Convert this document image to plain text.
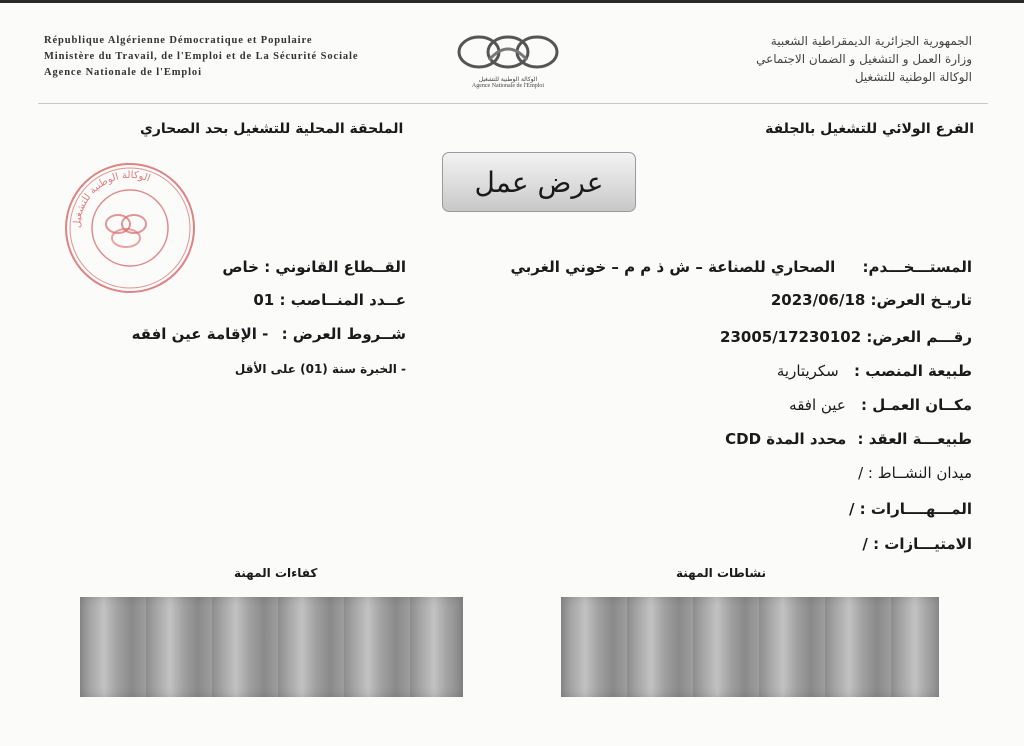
République Algérienne Démocratique et Populaire
Ministère du Travail, de l'Emploi et de La Sécurité Sociale
Agence Nationale de l'Emploi
الوكالة الوطنية للتشغيل
Agence Nationale de l'Emploi
الجمهورية الجزائرية الديمقراطية الشعبية
وزارة العمل و التشغيل و الضمان الاجتماعي
الوكالة الوطنية للتشغيل
الفرع الولائي للتشغيل بالجلفة
الملحقة المحلية للتشغيل بحد الصحاري
عرض عمل
الوكالة الوطنية للتشغيل
المستـــخـــدم: الصحاري للصناعة – ش ذ م م – خوني الغربي
تاريـخ العرض: 2023/06/18
رقـــم العرض: 23005/17230102
طبيعة المنصب : سكريتارية
مكــان العمـل : عين افقه
طبيعـــة العقد : محدد المدة CDD
ميدان النشــاط : /
المـــهــــارات : /
الامتيـــازات : /
القــطاع القانوني : خاص
عــدد المنــاصب : 01
شــروط العرض : - الإقامة عين افقه
- الخبرة سنة (01) على الأقل
نشاطات المهنة
كفاءات المهنة
